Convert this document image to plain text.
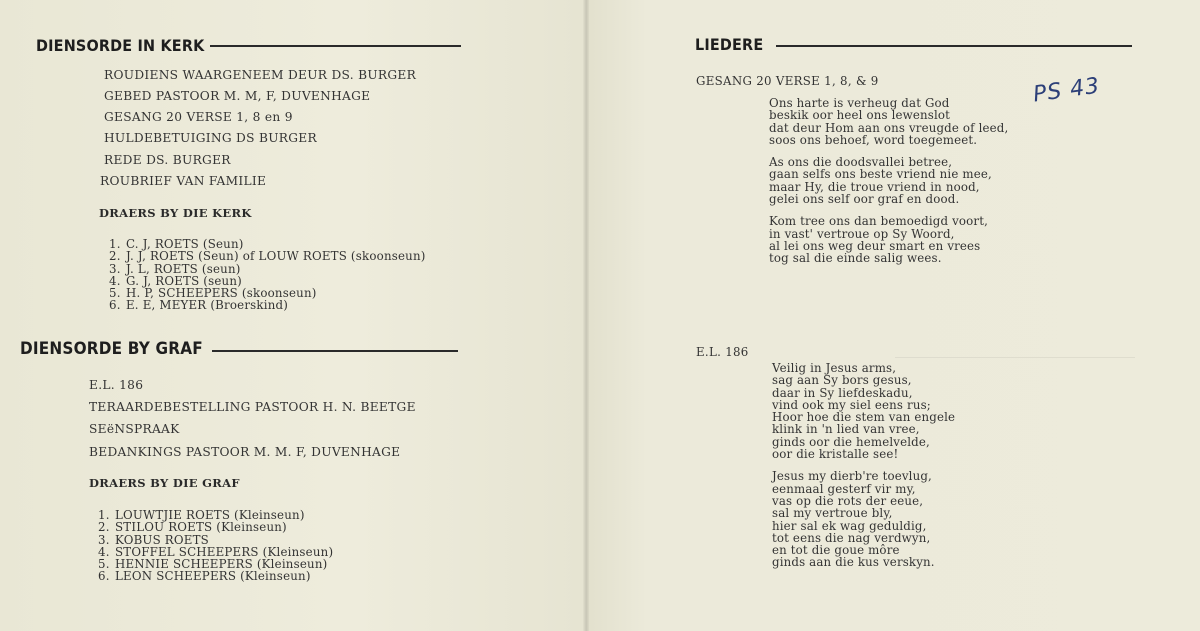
DIENSORDE IN KERK
ROUDIENS WAARGENEEM DEUR DS. BURGER
GEBED PASTOOR M. M, F, DUVENHAGE
GESANG 20 VERSE 1, 8 en 9
HULDEBETUIGING DS BURGER
REDE DS. BURGER
ROUBRIEF VAN FAMILIE
DRAERS BY DIE KERK
1. C. J, ROETS (Seun)
2. J. J, ROETS (Seun) of LOUW ROETS (skoonseun)
3. J. L, ROETS (seun)
4. G. J, ROETS (seun)
5. H. P, SCHEEPERS (skoonseun)
6. E. E, MEYER (Broerskind)
DIENSORDE BY GRAF
E.L. 186
TERAARDEBESTELLING PASTOOR H. N. BEETGE
SEëNSPRAAK
BEDANKINGS PASTOOR M. M. F, DUVENHAGE
DRAERS BY DIE GRAF
1. LOUWTJIE ROETS (Kleinseun)
2. STILOU ROETS (Kleinseun)
3. KOBUS ROETS
4. STOFFEL SCHEEPERS (Kleinseun)
5. HENNIE SCHEEPERS (Kleinseun)
6. LEON SCHEEPERS (Kleinseun)
LIEDERE
GESANG 20 VERSE 1, 8, & 9	PS 43
Ons harte is verheug dat God
beskik oor heel ons lewenslot
dat deur Hom aan ons vreugde of leed,
soos ons behoef, word toegemeet.
As ons die doodsvallei betree,
gaan selfs ons beste vriend nie mee,
maar Hy, die troue vriend in nood,
gelei ons self oor graf en dood.
Kom tree ons dan bemoedigd voort,
in vast' vertroue op Sy Woord,
al lei ons weg deur smart en vrees
tog sal die einde salig wees.
E.L. 186
Veilig in Jesus arms,
sag aan Sy bors gesus,
daar in Sy liefdeskadu,
vind ook my siel eens rus;
Hoor hoe die stem van engele
klink in 'n lied van vree,
ginds oor die hemelvelde,
oor die kristalle see!
Jesus my dierb're toevlug,
eenmaal gesterf vir my,
vas op die rots der eeue,
sal my vertroue bly,
hier sal ek wag geduldig,
tot eens die nag verdwyn,
en tot die goue môre
ginds aan die kus verskyn.
